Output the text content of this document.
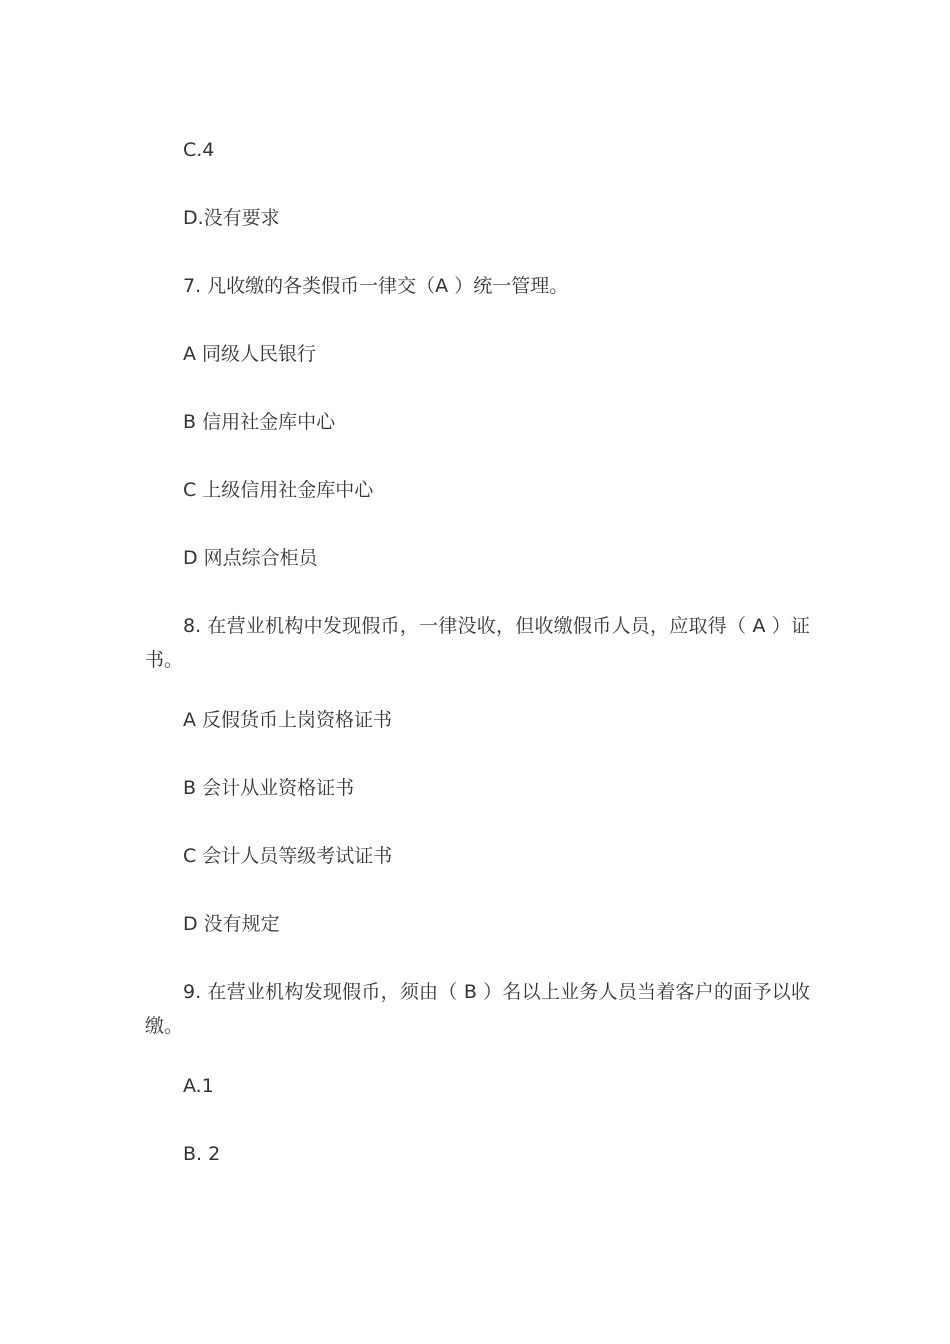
C.4
D.没有要求
7. 凡收缴的各类假币一律交（A ）统一管理。
A 同级人民银行
B 信用社金库中心
C 上级信用社金库中心
D 网点综合柜员
8. 在营业机构中发现假币，一律没收，但收缴假币人员，应取得（ A ）证书。
A 反假货币上岗资格证书
B 会计从业资格证书
C 会计人员等级考试证书
D 没有规定
9. 在营业机构发现假币，须由（ B ）名以上业务人员当着客户的面予以收缴。
A.1
B. 2
